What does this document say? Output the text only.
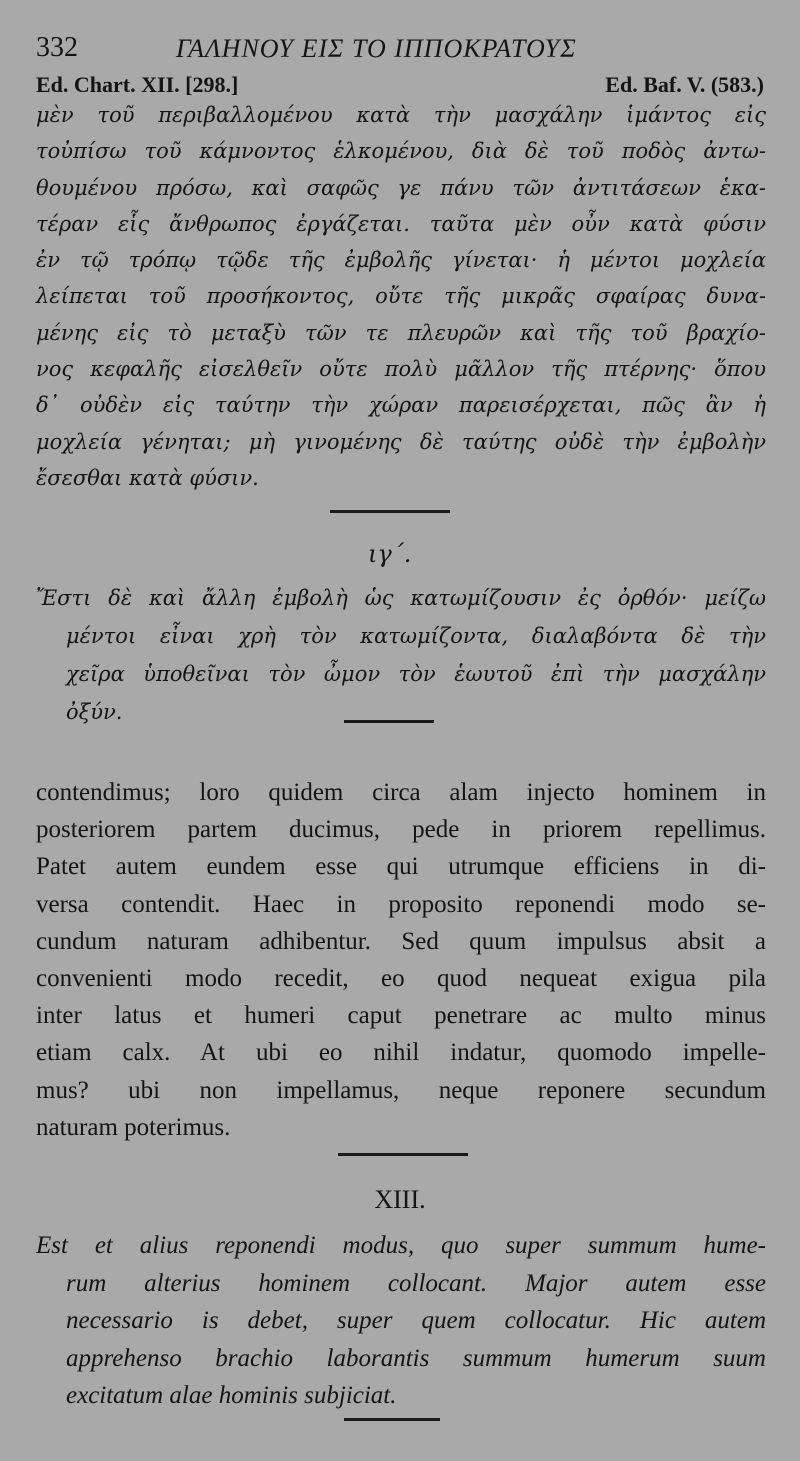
332	ΓΑΛΗΝΟΥ ΕΙΣ ΤΟ ΙΠΠΟΚΡΑΤΟΥΣ
Ed. Chart. XII. [298.]	Ed. Baf. V. (583.)
μὲν τοῦ περιβαλλομένου κατὰ τὴν μασχάλην ἱμάντος εἰς
τοὐπίσω τοῦ κάμνοντος ἑλκομένου, διὰ δὲ τοῦ ποδὸς ἀντω-
θουμένου πρόσω, καὶ σαφῶς γε πάνυ τῶν ἀντιτάσεων ἑκα-
τέραν εἷς ἄνθρωπος ἐργάζεται. ταῦτα μὲν οὖν κατὰ φύσιν
ἐν τῷ τρόπῳ τῷδε τῆς ἐμβολῆς γίνεται· ἡ μέντοι μοχλεία
λείπεται τοῦ προσήκοντος, οὔτε τῆς μικρᾶς σφαίρας δυνα-
μένης εἰς τὸ μεταξὺ τῶν τε πλευρῶν καὶ τῆς τοῦ βραχίο-
νος κεφαλῆς εἰσελθεῖν οὔτε πολὺ μᾶλλον τῆς πτέρνης· ὅπου
δ᾽ οὐδὲν εἰς ταύτην τὴν χώραν παρεισέρχεται, πῶς ἂν ἡ
μοχλεία γένηται; μὴ γινομένης δὲ ταύτης οὐδὲ τὴν ἐμβολὴν
ἔσεσθαι κατὰ φύσιν.
ιγ΄.
Ἔστι δὲ καὶ ἄλλη ἐμβολὴ ὡς κατωμίζουσιν ἐς ὀρθόν· μείζω
μέντοι εἶναι χρὴ τὸν κατωμίζοντα, διαλαβόντα δὲ τὴν
χεῖρα ὑποθεῖναι τὸν ὦμον τὸν ἑωυτοῦ ἐπὶ τὴν μασχάλην
ὀξύν.
contendimus; loro quidem circa alam injecto hominem in
posteriorem partem ducimus, pede in priorem repellimus.
Patet autem eundem esse qui utrumque efficiens in di-
versa contendit. Haec in proposito reponendi modo se-
cundum naturam adhibentur. Sed quum impulsus absit a
convenienti modo recedit, eo quod nequeat exigua pila
inter latus et humeri caput penetrare ac multo minus
etiam calx. At ubi eo nihil indatur, quomodo impelle-
mus? ubi non impellamus, neque reponere secundum
naturam poterimus.
XIII.
Est et alius reponendi modus, quo super summum hume-
rum alterius hominem collocant. Major autem esse
necessario is debet, super quem collocatur. Hic autem
apprehenso brachio laborantis summum humerum suum
excitatum alae hominis subjiciat.
